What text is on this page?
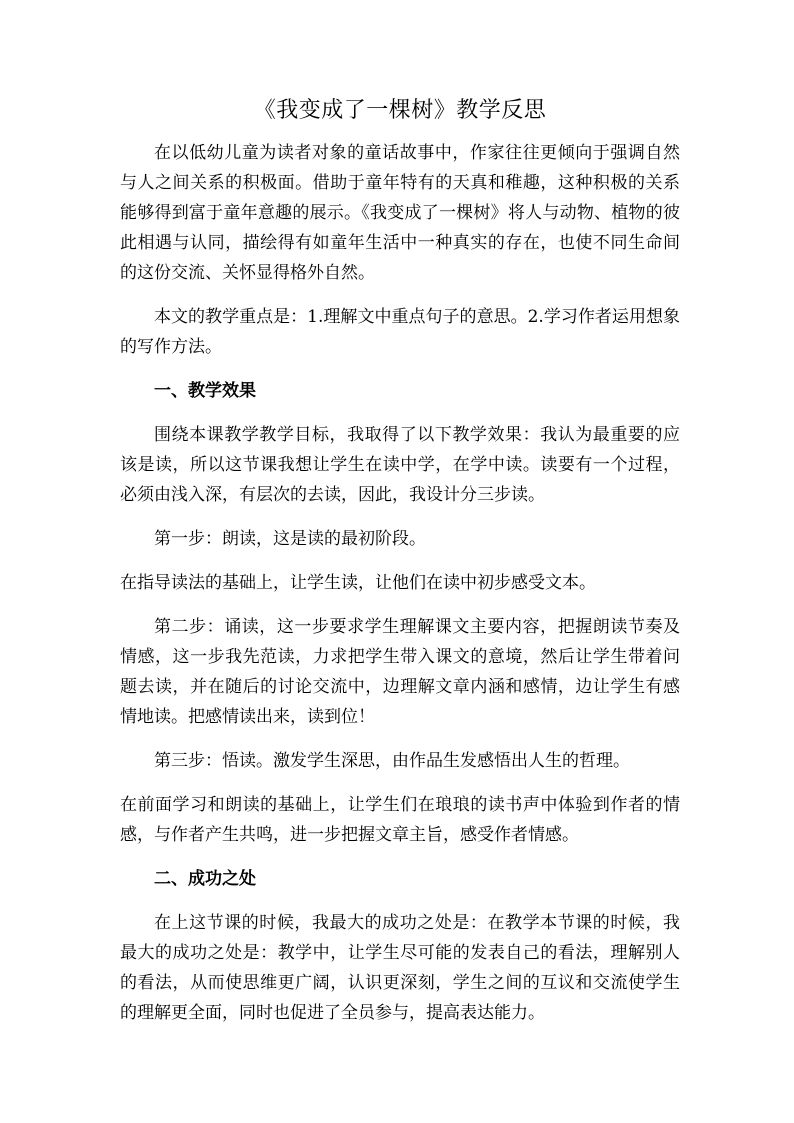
《我变成了一棵树》教学反思

在以低幼儿童为读者对象的童话故事中，作家往往更倾向于强调自然与人之间关系的积极面。借助于童年特有的天真和稚趣，这种积极的关系能够得到富于童年意趣的展示。《我变成了一棵树》将人与动物、植物的彼此相遇与认同，描绘得有如童年生活中一种真实的存在，也使不同生命间的这份交流、关怀显得格外自然。

本文的教学重点是：1.理解文中重点句子的意思。2.学习作者运用想象的写作方法。

一、教学效果

围绕本课教学教学目标，我取得了以下教学效果：我认为最重要的应该是读，所以这节课我想让学生在读中学，在学中读。读要有一个过程，必须由浅入深，有层次的去读，因此，我设计分三步读。

第一步：朗读，这是读的最初阶段。

在指导读法的基础上，让学生读，让他们在读中初步感受文本。

第二步：诵读，这一步要求学生理解课文主要内容，把握朗读节奏及情感，这一步我先范读，力求把学生带入课文的意境，然后让学生带着问题去读，并在随后的讨论交流中，边理解文章内涵和感情，边让学生有感情地读。把感情读出来，读到位！

第三步：悟读。激发学生深思，由作品生发感悟出人生的哲理。

在前面学习和朗读的基础上，让学生们在琅琅的读书声中体验到作者的情感，与作者产生共鸣，进一步把握文章主旨，感受作者情感。

二、成功之处

在上这节课的时候，我最大的成功之处是：在教学本节课的时候，我最大的成功之处是：教学中，让学生尽可能的发表自己的看法，理解别人的看法，从而使思维更广阔，认识更深刻，学生之间的互议和交流使学生的理解更全面，同时也促进了全员参与，提高表达能力。
